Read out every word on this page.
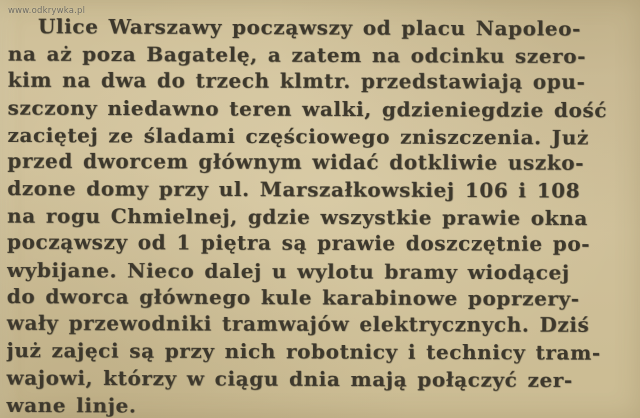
www.odkrywka.pl
Ulice Warszawy począwszy od placu Napoleo-
na aż poza Bagatelę, a zatem na odcinku szero-
kim na dwa do trzech klmtr. przedstawiają opu-
szczony niedawno teren walki, gdzieniegdzie dość
zaciętej ze śladami częściowego zniszczenia. Już
przed dworcem głównym widać dotkliwie uszko-
dzone domy przy ul. Marszałkowskiej 106 i 108
na rogu Chmielnej, gdzie wszystkie prawie okna
począwszy od 1 piętra są prawie doszczętnie po-
wybijane. Nieco dalej u wylotu bramy wiodącej
do dworca głównego kule karabinowe poprzery-
wały przewodniki tramwajów elektrycznych. Dziś
już zajęci są przy nich robotnicy i technicy tram-
wajowi, którzy w ciągu dnia mają połączyć zer-
wane linje.
